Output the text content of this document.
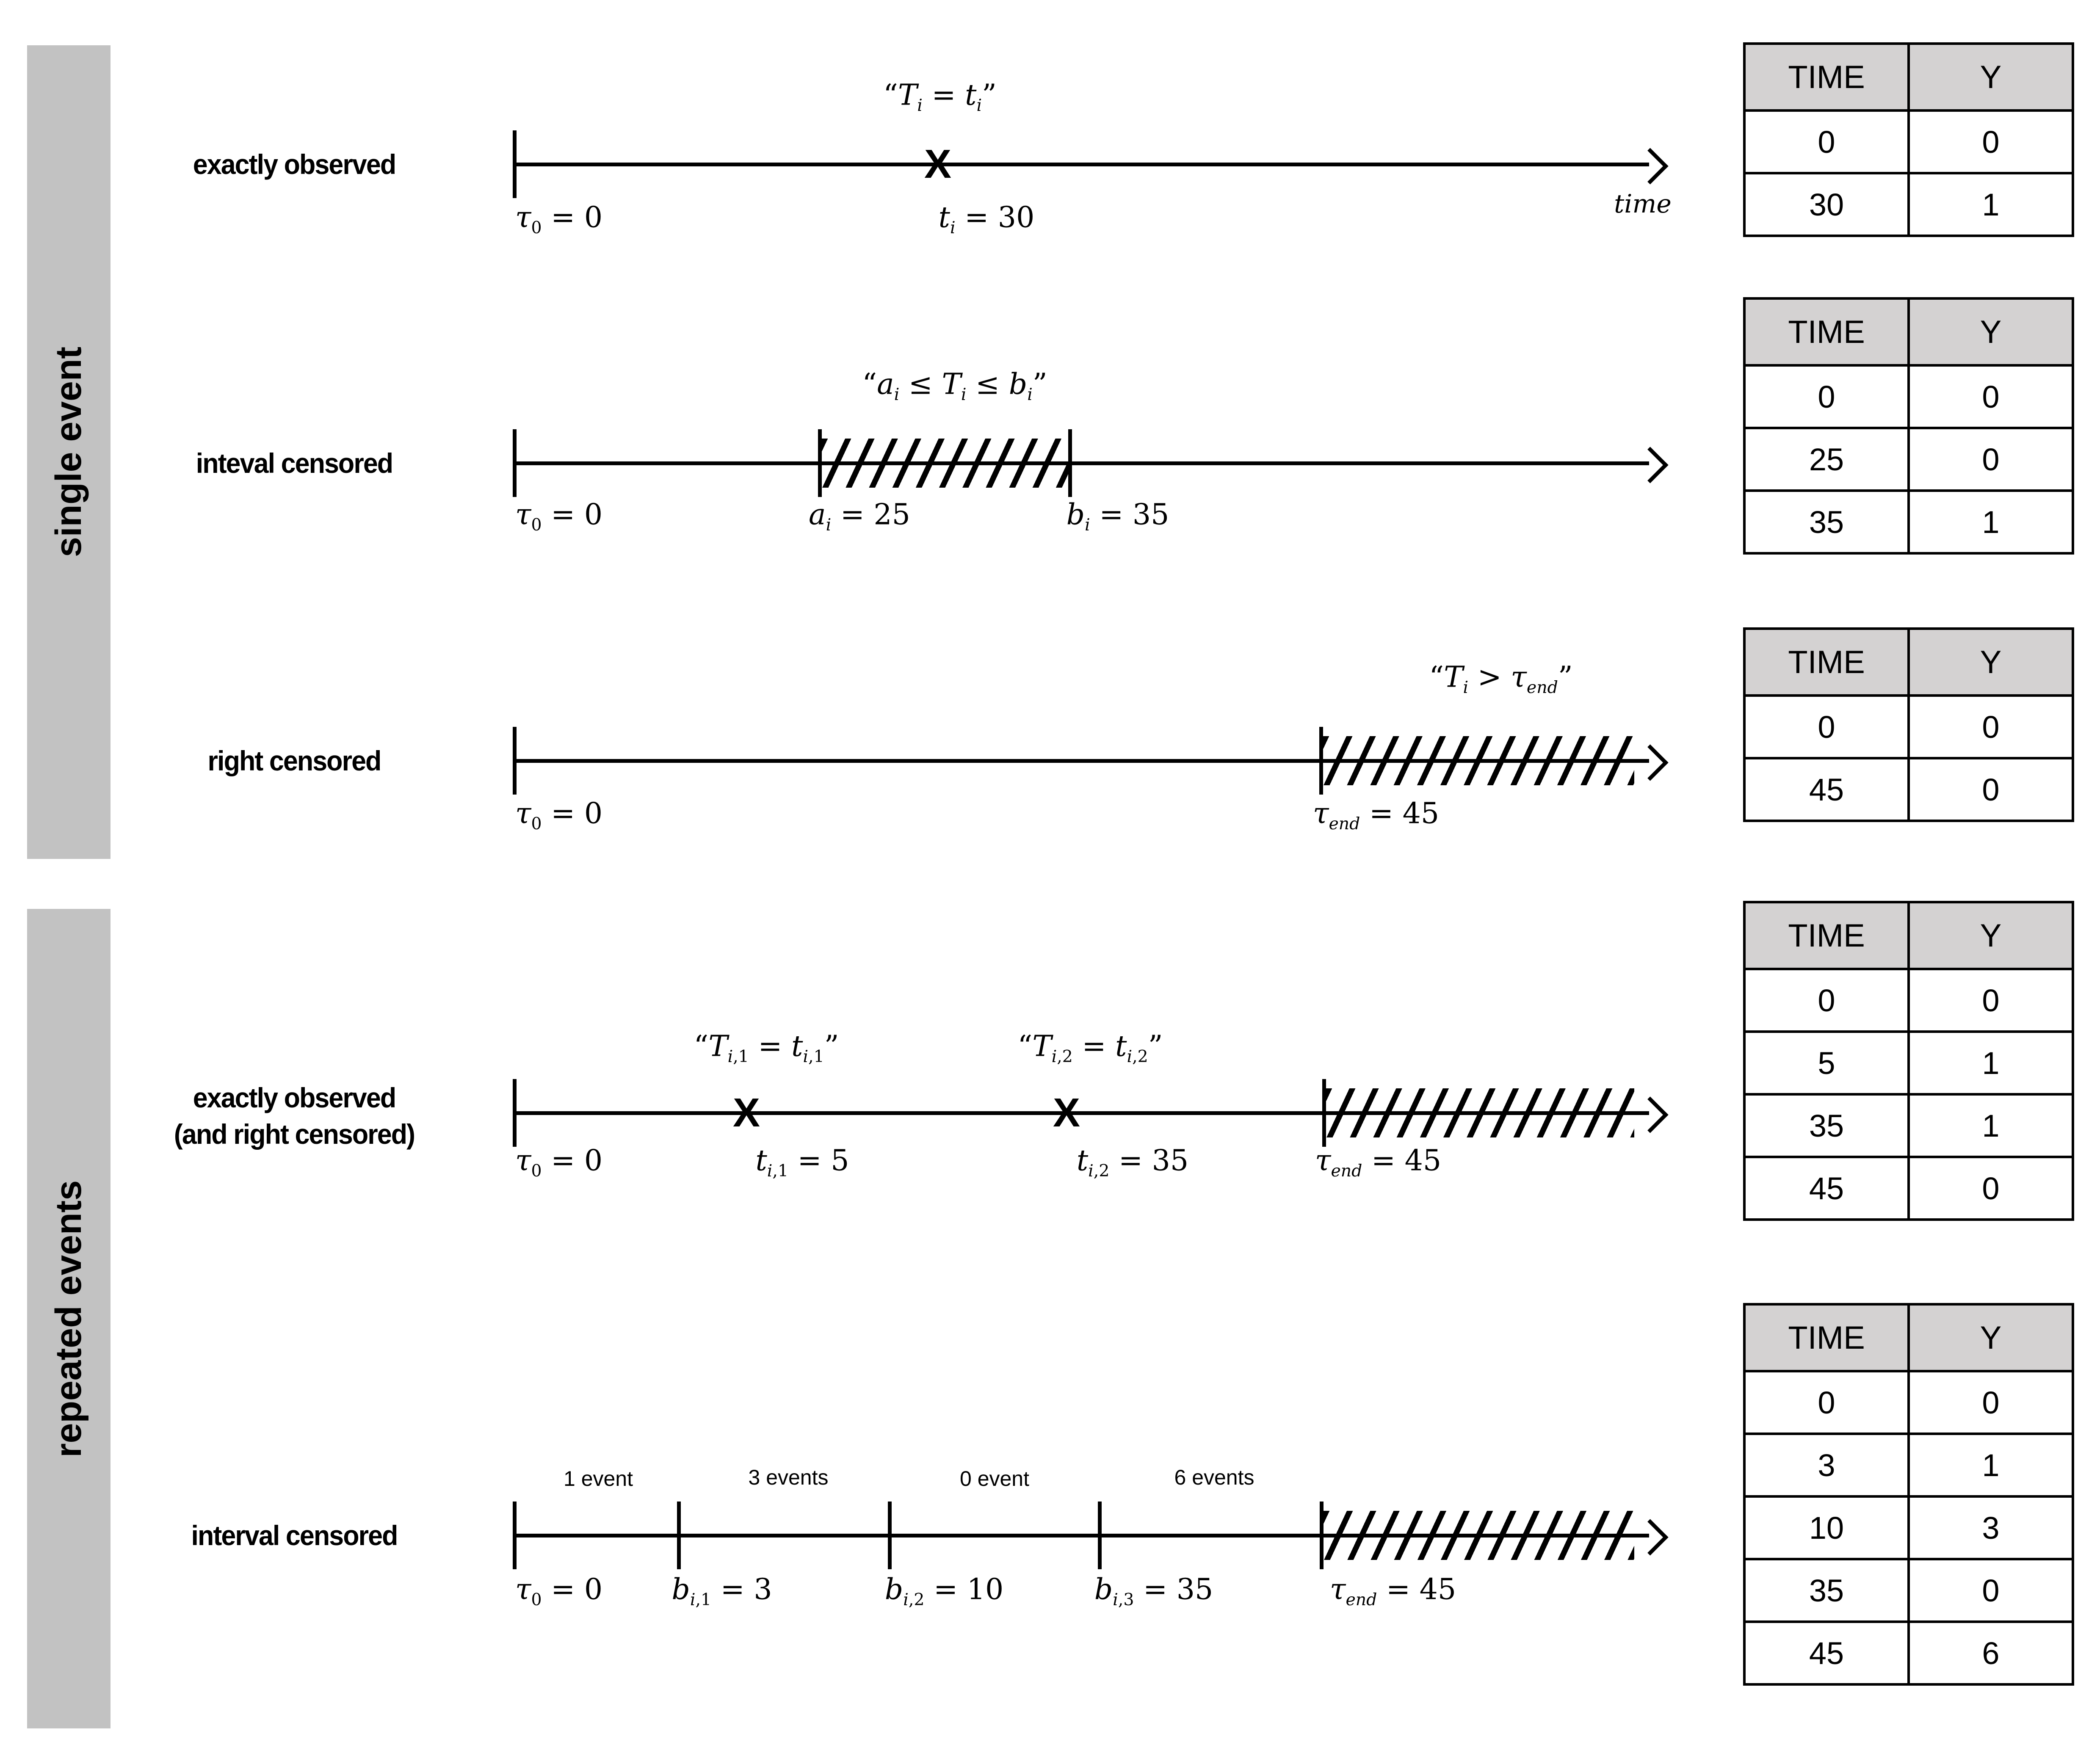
single event
repeated events
exactly observed	X
“$T_i = t_i$”
$\tau_0 = 0$	$t_i = 30$	time
inteval censored
“$a_i \le T_i \le b_i$”
$\tau_0 = 0$	$a_i = 25$	$b_i = 35$
right censored
“$T_i > \tau_{end}$”
$\tau_0 = 0$	$\tau_{end} = 45$
exactly observed
(and right censored)	X	X
“$T_{i,1} = t_{i,1}$”	“$T_{i,2} = t_{i,2}$”
$\tau_0 = 0$	$t_{i,1} = 5$	$t_{i,2} = 35$	$\tau_{end} = 45$
interval censored
1 event	3 events	0 event	6 events
$\tau_0 = 0$ $b_{i,1} = 3$	$b_{i,2} = 10$	$b_{i,3} = 35$	$\tau_{end} = 45$
TIME	Y
0	0
30	1
TIME	Y
0	0
25	0
35	1
TIME	Y
0	0
45	0
TIME	Y
0	0
5	1
35	1
45	0
TIME	Y
0	0
3	1
10	3
35	0
45	6
